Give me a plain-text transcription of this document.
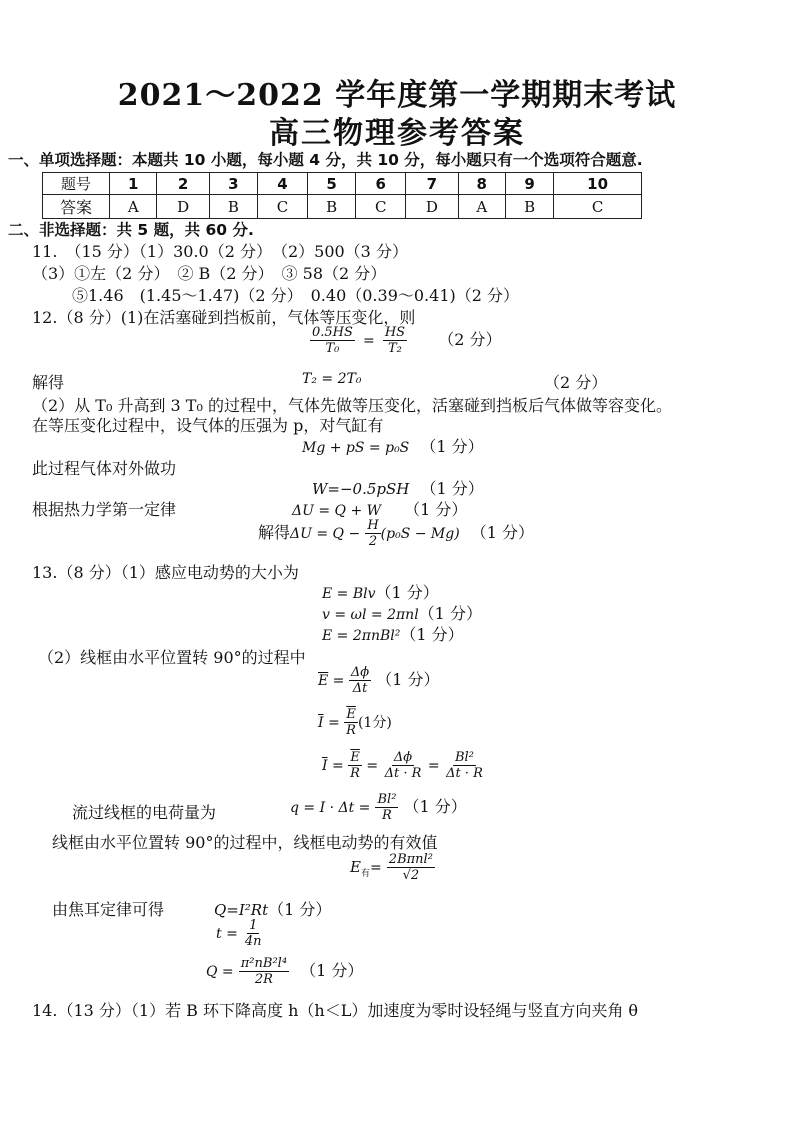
2021～2022 学年度第一学期期末考试
高三物理参考答案
一、单项选择题：本题共 10 小题，每小题 4 分，共 10 分，每小题只有一个选项符合题意.
题号	1	2	3	4	5	6	7	8	9	10
答案	A	D	B	C	B	C	D	A	B	C
二、非选择题：共 5 题，共 60 分.
11.　（15 分）（1）30.0（2 分）　（2）500（3 分）
（3）①左（2 分）　② B（2 分）　③ 58（2 分）
⑤1.46　(1.45～1.47)（2 分）　0.40（0.39～0.41)（2 分）
12.（8 分）(1)在活塞碰到挡板前，气体等压变化，则
$\frac{0.5HS}{\text{T₀}} = \frac{HS}{\text{T₂}} (2$ 分）
解得	T₂ = 2T₀	（2 分）
（2）从 T₀ 升高到 3 T₀ 的过程中，气体先做等压变化，活塞碰到挡板后气体做等容变化。
在等压变化过程中，设气体的压强为 p，对气缸有
Mg + pS = p₀S （1 分）
此过程气体对外做功
W=−0.5pSH （1 分）
根据热力学第一定律	ΔU = Q + W （1 分）
解得$\Delta U = Q - \frac{H}{2} (p_0S - Mg)$ （1 分）
13.（8 分）（1）感应电动势的大小为
E = Blv（1 分）
v = ωl = 2πnl（1 分）
E = 2πnBl²（1 分）
（2）线框由水平位置转 90°的过程中
$\overline{E} = \frac{\Delta\phi}{\Delta t} (1$ 分）
$\overline{I} = \frac{\overline{E}}{R} (1$分)
$\overline{I} = \frac{\overline{E}}{R} = \frac{\Delta\phi}{\Delta t \cdot R} = \frac{\text{Bl²}}{\Delta t \cdot R}$
流过线框的电荷量为	$q = I \cdot \Delta t = \frac{\text{Bl²}}{R} (1$ 分）
线框由水平位置转 90°的过程中，线框电动势的有效值
$E_有= \frac{\text{2Bπnl²}}{√2}$
由焦耳定律可得	Q=I²Rt（1 分）
$t = \frac{1}{4n}$
$Q = \frac{\text{π²nB²l⁴}}{2R} (1$ 分）
14.（13 分）（1）若 B 环下降高度 h（h＜L）加速度为零时设轻绳与竖直方向夹角 θ
